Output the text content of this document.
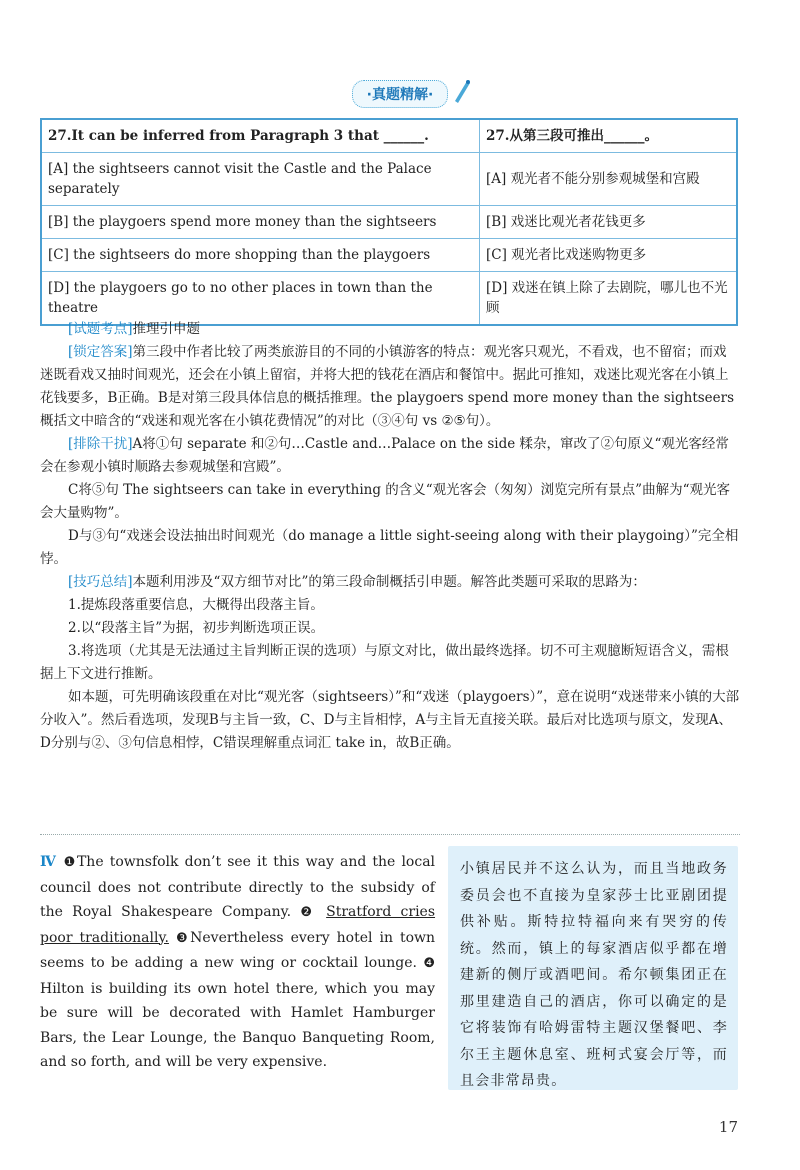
·真题精解·
27.It can be inferred from Paragraph 3 that ______.	27.从第三段可推出______。
[A] the sightseers cannot visit the Castle and the Palace separately	[A] 观光者不能分别参观城堡和宫殿
[B] the playgoers spend more money than the sightseers	[B] 戏迷比观光者花钱更多
[C] the sightseers do more shopping than the playgoers	[C] 观光者比戏迷购物更多
[D] the playgoers go to no other places in town than the theatre	[D] 戏迷在镇上除了去剧院，哪儿也不光顾

[试题考点]推理引申题

[锁定答案]第三段中作者比较了两类旅游目的不同的小镇游客的特点：观光客只观光，不看戏，也不留宿；而戏迷既看戏又抽时间观光，还会在小镇上留宿，并将大把的钱花在酒店和餐馆中。据此可推知，戏迷比观光客在小镇上花钱要多，B正确。B是对第三段具体信息的概括推理。the playgoers spend more money than the sightseers 概括文中暗含的“戏迷和观光客在小镇花费情况”的对比（③④句 vs ②⑤句）。

[排除干扰]A将①句 separate 和②句…Castle and…Palace on the side 糅杂，窜改了②句原义“观光客经常会在参观小镇时顺路去参观城堡和宫殿”。

C将⑤句 The sightseers can take in everything 的含义“观光客会（匆匆）浏览完所有景点”曲解为“观光客会大量购物”。

D与③句“戏迷会设法抽出时间观光（do manage a little sight-seeing along with their playgoing）”完全相悖。

[技巧总结]本题利用涉及“双方细节对比”的第三段命制概括引申题。解答此类题可采取的思路为：

1.提炼段落重要信息，大概得出段落主旨。

2.以“段落主旨”为据，初步判断选项正误。

3.将选项（尤其是无法通过主旨判断正误的选项）与原文对比，做出最终选择。切不可主观臆断短语含义，需根据上下文进行推断。

如本题，可先明确该段重在对比“观光客（sightseers）”和“戏迷（playgoers）”，意在说明“戏迷带来小镇的大部分收入”。然后看选项，发现B与主旨一致，C、D与主旨相悖，A与主旨无直接关联。最后对比选项与原文，发现A、D分别与②、③句信息相悖，C错误理解重点词汇 take in，故B正确。

Ⅳ ❶The townsfolk don’t see it this way and the local council does not contribute directly to the subsidy of the Royal Shakespeare Company. ❷ Stratford cries poor traditionally. ❸Nevertheless every hotel in town seems to be adding a new wing or cocktail lounge. ❹ Hilton is building its own hotel there, which you may be sure will be decorated with Hamlet Hamburger Bars, the Lear Lounge, the Banquo Banqueting Room, and so forth, and will be very expensive.
小镇居民并不这么认为，而且当地政务委员会也不直接为皇家莎士比亚剧团提供补贴。斯特拉特福向来有哭穷的传统。然而，镇上的每家酒店似乎都在增建新的侧厅或酒吧间。希尔顿集团正在那里建造自己的酒店，你可以确定的是它将装饰有哈姆雷特主题汉堡餐吧、李尔王主题休息室、班柯式宴会厅等，而且会非常昂贵。
17
